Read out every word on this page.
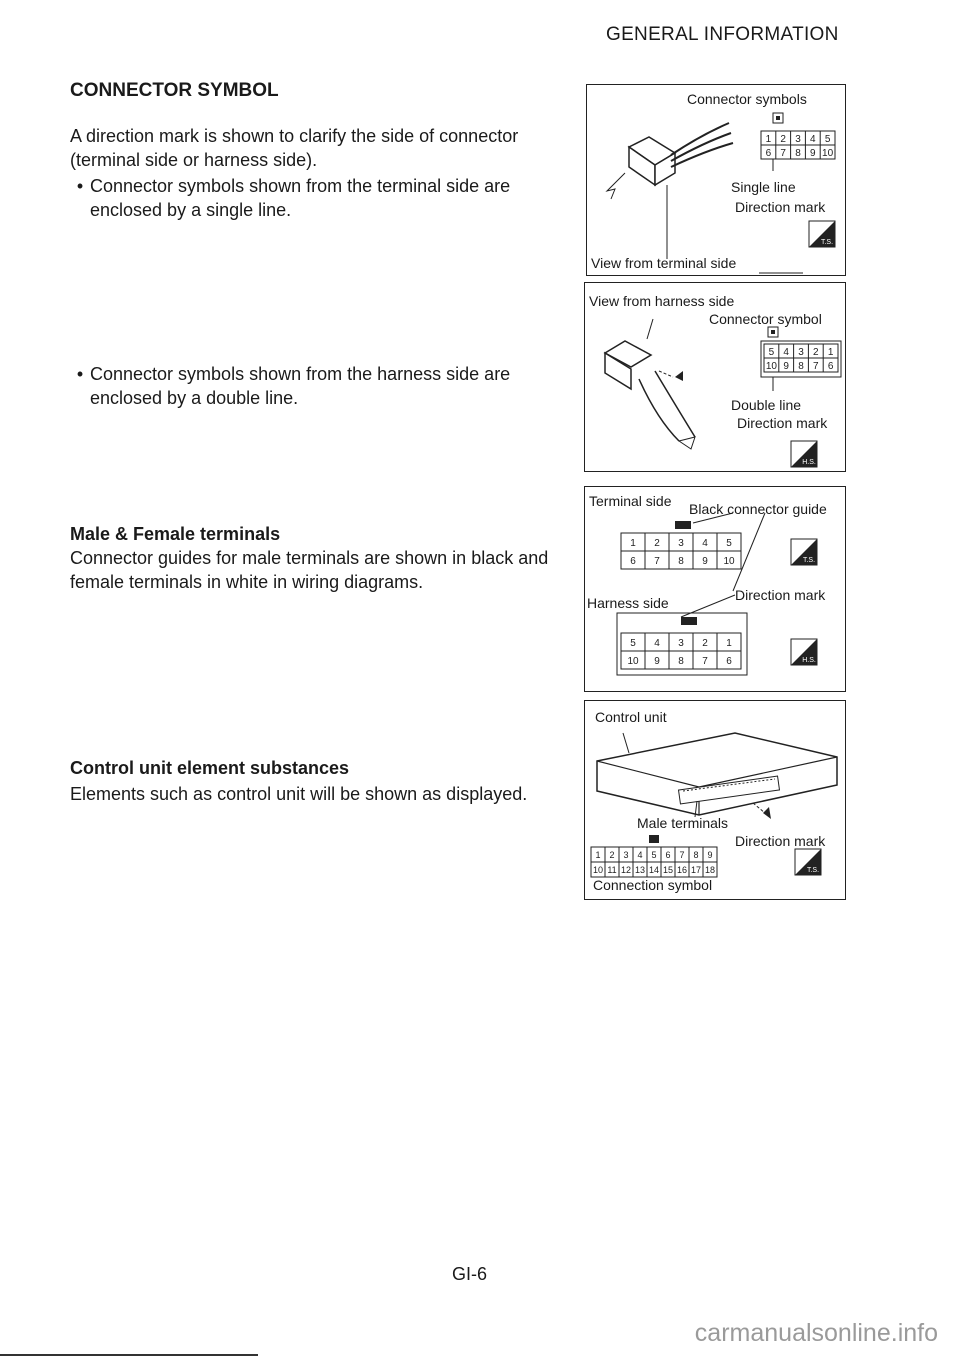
GENERAL INFORMATION
CONNECTOR SYMBOL
A direction mark is shown to clarify the side of connector (terminal side or harness side).
• Connector symbols shown from the terminal side are enclosed by a single line.
• Connector symbols shown from the harness side are enclosed by a double line.
Male & Female terminals
Connector guides for male terminals are shown in black and female terminals in white in wiring diagrams.
Control unit element substances
Elements such as control unit will be shown as displayed.
1 2 3 4 5
6 7 8 9 10
T.S.
Connector symbols
Single line
Direction mark
View from terminal side
5 4 3 2 1
10 9 8 7 6
H.S.
View from harness side
Connector symbol
Double line
Direction mark
1 2 3 4 5
6 7 8 9 10
5 4 3 2 1
10 9 8 7 6
T.S.
H.S.
Terminal side Black connector guide
Harness side	Direction mark
1 2 3 4 5 6 7 8 9
10 11 12 13 14 15 16 17 18	T.S.
Control unit
Male terminals
Direction mark
Connection symbol
GI-6
carmanualsonline.info
